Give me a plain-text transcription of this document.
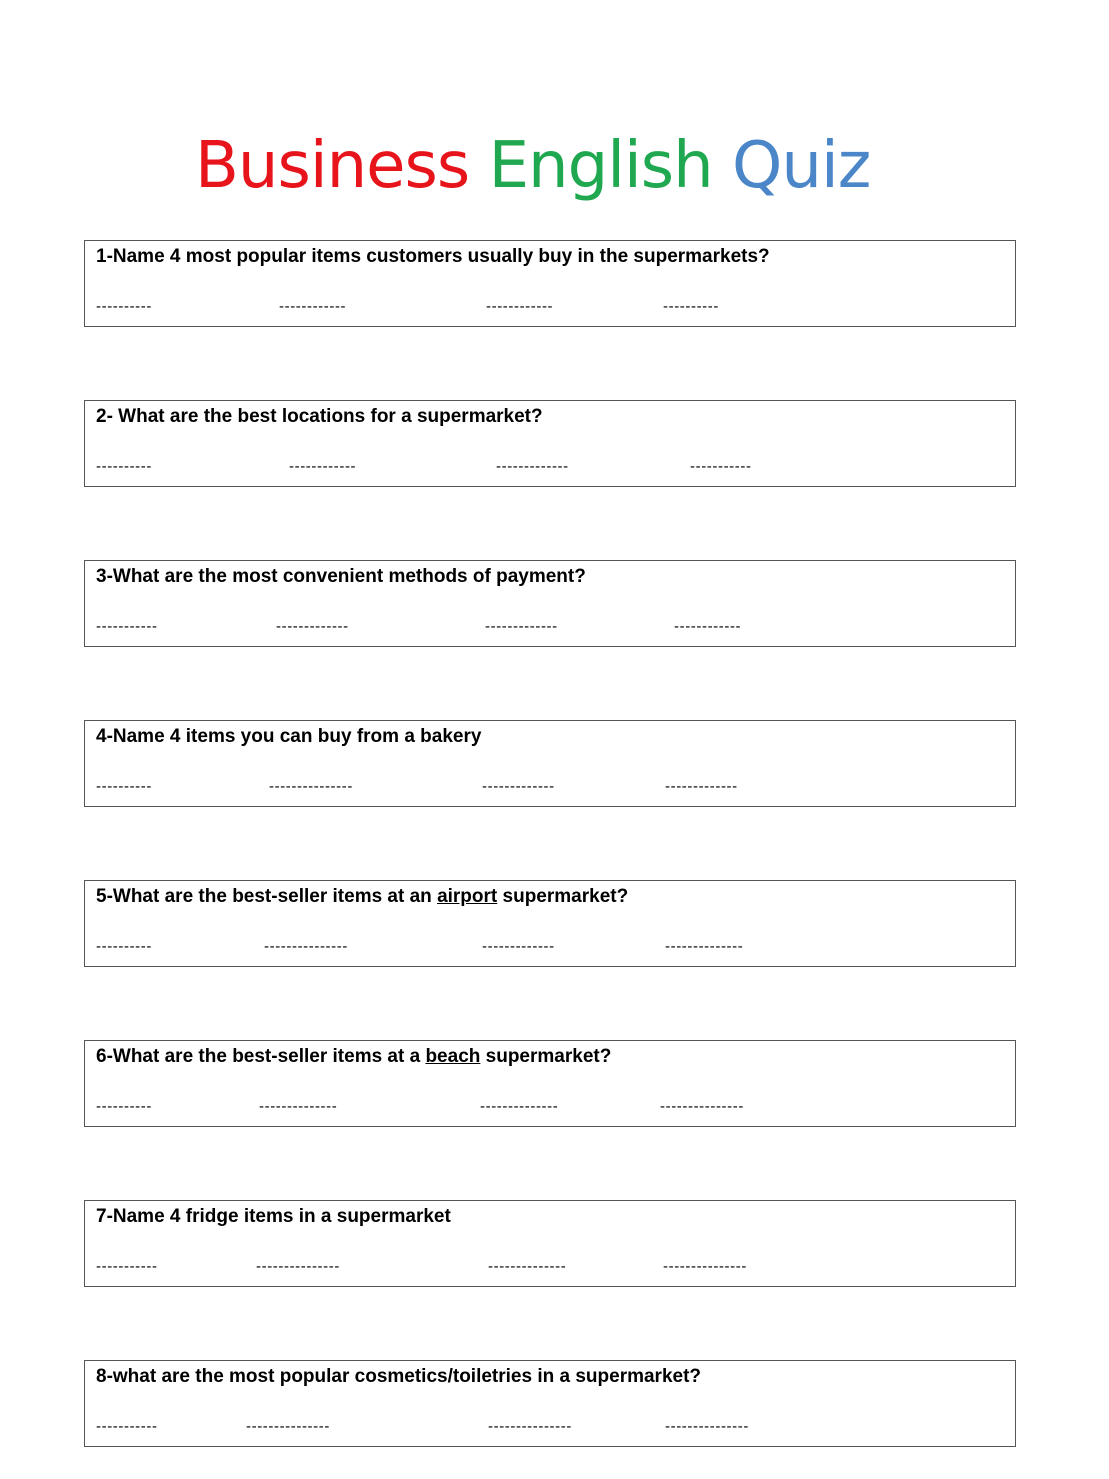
Business English Quiz
1-Name 4 most popular items customers usually buy in the supermarkets?
----------	------------	------------	----------
2- What are the best locations for a supermarket?
----------	------------	-------------	-----------
3-What are the most convenient methods of payment?
-----------	-------------	-------------	------------
4-Name 4 items you can buy from a bakery
----------	---------------	-------------	-------------
5-What are the best-seller items at an airport supermarket?
----------	---------------	-------------	--------------
6-What are the best-seller items at a beach supermarket?
----------	--------------	--------------	---------------
7-Name 4 fridge items in a supermarket
-----------	---------------	--------------	---------------
8-what are the most popular cosmetics/toiletries in a supermarket?
-----------	---------------	---------------	---------------
